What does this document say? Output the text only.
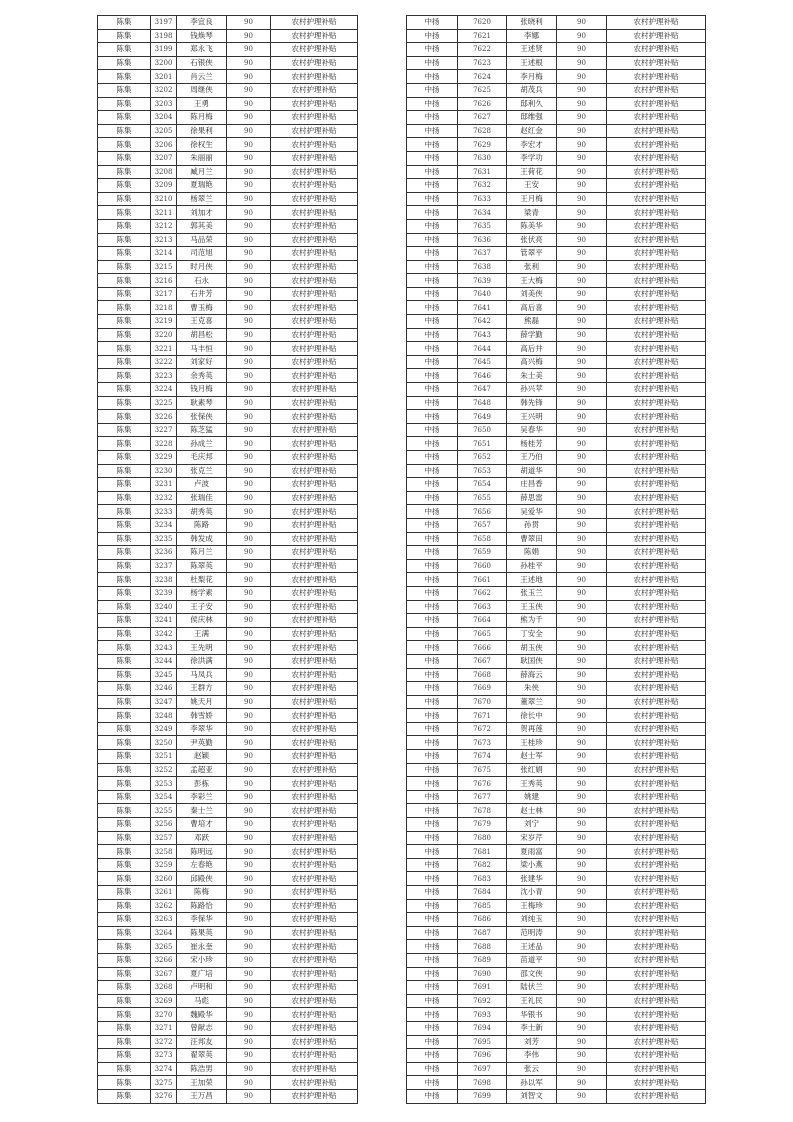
陈集	3197	李宜良	90	农村护理补贴
陈集	3198	钱焕琴	90	农村护理补贴
陈集	3199	郑永飞	90	农村护理补贴
陈集	3200	石银侠	90	农村护理补贴
陈集	3201	肖云兰	90	农村护理补贴
陈集	3202	周继侠	90	农村护理补贴
陈集	3203	王勇	90	农村护理补贴
陈集	3204	陈月梅	90	农村护理补贴
陈集	3205	徐果利	90	农村护理补贴
陈集	3206	徐权生	90	农村护理补贴
陈集	3207	朱丽丽	90	农村护理补贴
陈集	3208	臧月兰	90	农村护理补贴
陈集	3209	夏瑞艳	90	农村护理补贴
陈集	3210	杨翠兰	90	农村护理补贴
陈集	3211	刘加才	90	农村护理补贴
陈集	3212	郭其美	90	农村护理补贴
陈集	3213	马品荣	90	农村护理补贴
陈集	3214	司范旭	90	农村护理补贴
陈集	3215	时月侠	90	农村护理补贴
陈集	3216	石永	90	农村护理补贴
陈集	3217	石井芳	90	农村护理补贴
陈集	3218	曹玉梅	90	农村护理补贴
陈集	3219	王克喜	90	农村护理补贴
陈集	3220	胡昌松	90	农村护理补贴
陈集	3221	马丰恒	90	农村护理补贴
陈集	3222	刘家好	90	农村护理补贴
陈集	3223	余秀英	90	农村护理补贴
陈集	3224	钱月梅	90	农村护理补贴
陈集	3225	耿素琴	90	农村护理补贴
陈集	3226	张保侠	90	农村护理补贴
陈集	3227	陈芝猛	90	农村护理补贴
陈集	3228	孙成兰	90	农村护理补贴
陈集	3229	毛庆邦	90	农村护理补贴
陈集	3230	张克兰	90	农村护理补贴
陈集	3231	卢波	90	农村护理补贴
陈集	3232	张瑞佳	90	农村护理补贴
陈集	3233	胡秀英	90	农村护理补贴
陈集	3234	陈路	90	农村护理补贴
陈集	3235	韩发成	90	农村护理补贴
陈集	3236	陈月兰	90	农村护理补贴
陈集	3237	陈翠英	90	农村护理补贴
陈集	3238	杜梨花	90	农村护理补贴
陈集	3239	杨学素	90	农村护理补贴
陈集	3240	王子安	90	农村护理补贴
陈集	3241	侯庆林	90	农村护理补贴
陈集	3242	王满	90	农村护理补贴
陈集	3243	王先明	90	农村护理补贴
陈集	3244	徐洪满	90	农村护理补贴
陈集	3245	马凤兵	90	农村护理补贴
陈集	3246	王群方	90	农村护理补贴
陈集	3247	姚天月	90	农村护理补贴
陈集	3248	韩雪娇	90	农村护理补贴
陈集	3249	李翠华	90	农村护理补贴
陈集	3250	尹英勤	90	农村护理补贴
陈集	3251	赵颖	90	农村护理补贴
陈集	3252	孟超亚	90	农村护理补贴
陈集	3253	彭栋	90	农村护理补贴
陈集	3254	李彩兰	90	农村护理补贴
陈集	3255	秦士兰	90	农村护理补贴
陈集	3256	曹培才	90	农村护理补贴
陈集	3257	邓跃	90	农村护理补贴
陈集	3258	陈明远	90	农村护理补贴
陈集	3259	左春艳	90	农村护理补贴
陈集	3260	邱殿侠	90	农村护理补贴
陈集	3261	陈梅	90	农村护理补贴
陈集	3262	陈路恰	90	农村护理补贴
陈集	3263	李保华	90	农村护理补贴
陈集	3264	陈果英	90	农村护理补贴
陈集	3265	崔永奎	90	农村护理补贴
陈集	3266	宋小珍	90	农村护理补贴
陈集	3267	夏广培	90	农村护理补贴
陈集	3268	卢明和	90	农村护理补贴
陈集	3269	马彪	90	农村护理补贴
陈集	3270	魏殿华	90	农村护理补贴
陈集	3271	曾献志	90	农村护理补贴
陈集	3272	汪邦友	90	农村护理补贴
陈集	3273	翟翠英	90	农村护理补贴
陈集	3274	陈浩男	90	农村护理补贴
陈集	3275	王加荣	90	农村护理补贴
陈集	3276	王万昌	90	农村护理补贴
中扬	7620	张晓利	90	农村护理补贴
中扬	7621	李娜	90	农村护理补贴
中扬	7622	王述贤	90	农村护理补贴
中扬	7623	王述根	90	农村护理补贴
中扬	7624	李月梅	90	农村护理补贴
中扬	7625	胡茂兵	90	农村护理补贴
中扬	7626	邸利久	90	农村护理补贴
中扬	7627	邸维强	90	农村护理补贴
中扬	7628	赵红金	90	农村护理补贴
中扬	7629	李宏才	90	农村护理补贴
中扬	7630	李学功	90	农村护理补贴
中扬	7631	王荷花	90	农村护理补贴
中扬	7632	王安	90	农村护理补贴
中扬	7633	王月梅	90	农村护理补贴
中扬	7634	梁青	90	农村护理补贴
中扬	7635	陈美华	90	农村护理补贴
中扬	7636	张伏亮	90	农村护理补贴
中扬	7637	管翠平	90	农村护理补贴
中扬	7638	张利	90	农村护理补贴
中扬	7639	王大梅	90	农村护理补贴
中扬	7640	刘美侠	90	农村护理补贴
中扬	7641	高后喜	90	农村护理补贴
中扬	7642	熊磊	90	农村护理补贴
中扬	7643	薛学勤	90	农村护理补贴
中扬	7644	高后井	90	农村护理补贴
中扬	7645	高兴梅	90	农村护理补贴
中扬	7646	朱士美	90	农村护理补贴
中扬	7647	孙兴苹	90	农村护理补贴
中扬	7648	韩先锋	90	农村护理补贴
中扬	7649	王兴明	90	农村护理补贴
中扬	7650	吴春华	90	农村护理补贴
中扬	7651	杨桂芳	90	农村护理补贴
中扬	7652	王乃伯	90	农村护理补贴
中扬	7653	胡道华	90	农村护理补贴
中扬	7654	庄昌香	90	农村护理补贴
中扬	7655	薛思雷	90	农村护理补贴
中扬	7656	吴爱华	90	农村护理补贴
中扬	7657	孙贯	90	农村护理补贴
中扬	7658	曹翠田	90	农村护理补贴
中扬	7659	陈娟	90	农村护理补贴
中扬	7660	孙桂平	90	农村护理补贴
中扬	7661	王述地	90	农村护理补贴
中扬	7662	张玉兰	90	农村护理补贴
中扬	7663	王玉侠	90	农村护理补贴
中扬	7664	熊为千	90	农村护理补贴
中扬	7665	丁安全	90	农村护理补贴
中扬	7666	胡玉侠	90	农村护理补贴
中扬	7667	耿国侠	90	农村护理补贴
中扬	7668	薛海云	90	农村护理补贴
中扬	7669	朱侠	90	农村护理补贴
中扬	7670	董翠兰	90	农村护理补贴
中扬	7671	徐长中	90	农村护理补贴
中扬	7672	贺再莲	90	农村护理补贴
中扬	7673	王桂珍	90	农村护理补贴
中扬	7674	赵士军	90	农村护理补贴
中扬	7675	张红娟	90	农村护理补贴
中扬	7676	王秀英	90	农村护理补贴
中扬	7677	姚建	90	农村护理补贴
中扬	7678	赵士林	90	农村护理补贴
中扬	7679	刘宁	90	农村护理补贴
中扬	7680	宋岁芹	90	农村护理补贴
中扬	7681	夏雨富	90	农村护理补贴
中扬	7682	梁小燕	90	农村护理补贴
中扬	7683	张建华	90	农村护理补贴
中扬	7684	沈小青	90	农村护理补贴
中扬	7685	王梅珍	90	农村护理补贴
中扬	7686	刘纯玉	90	农村护理补贴
中扬	7687	范明涛	90	农村护理补贴
中扬	7688	王述品	90	农村护理补贴
中扬	7689	苗道平	90	农村护理补贴
中扬	7690	邵文侠	90	农村护理补贴
中扬	7691	陆伏兰	90	农村护理补贴
中扬	7692	王礼民	90	农村护理补贴
中扬	7693	华银书	90	农村护理补贴
中扬	7694	李士新	90	农村护理补贴
中扬	7695	刘芳	90	农村护理补贴
中扬	7696	李伟	90	农村护理补贴
中扬	7697	张云	90	农村护理补贴
中扬	7698	孙以军	90	农村护理补贴
中扬	7699	刘智文	90	农村护理补贴
